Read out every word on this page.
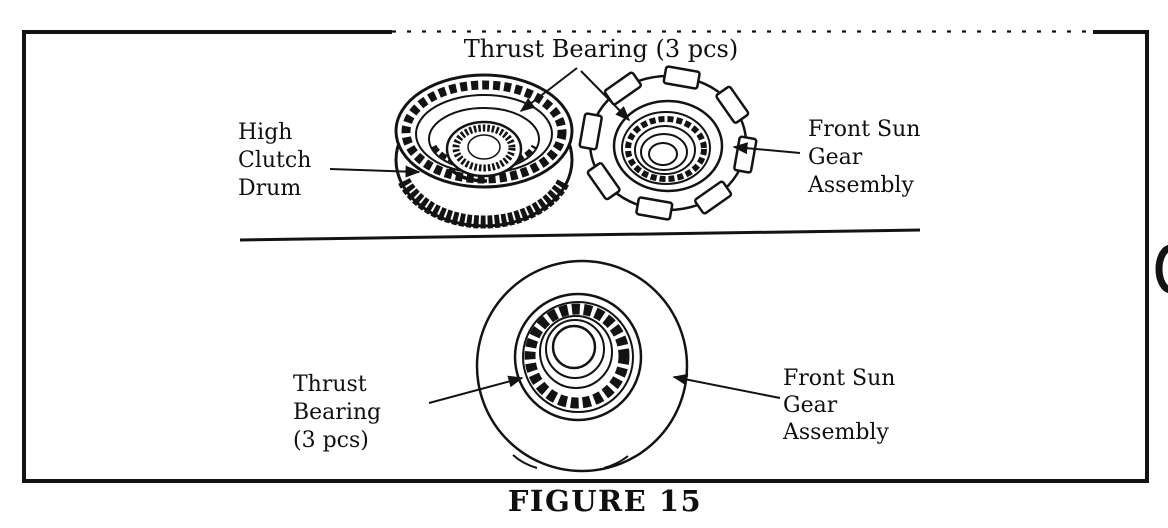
Thrust Bearing (3 pcs)
High
Clutch
Drum
Front Sun
Gear
Assembly
Thrust
Bearing
(3 pcs)
Front Sun
Gear
Assembly
FIGURE 15
